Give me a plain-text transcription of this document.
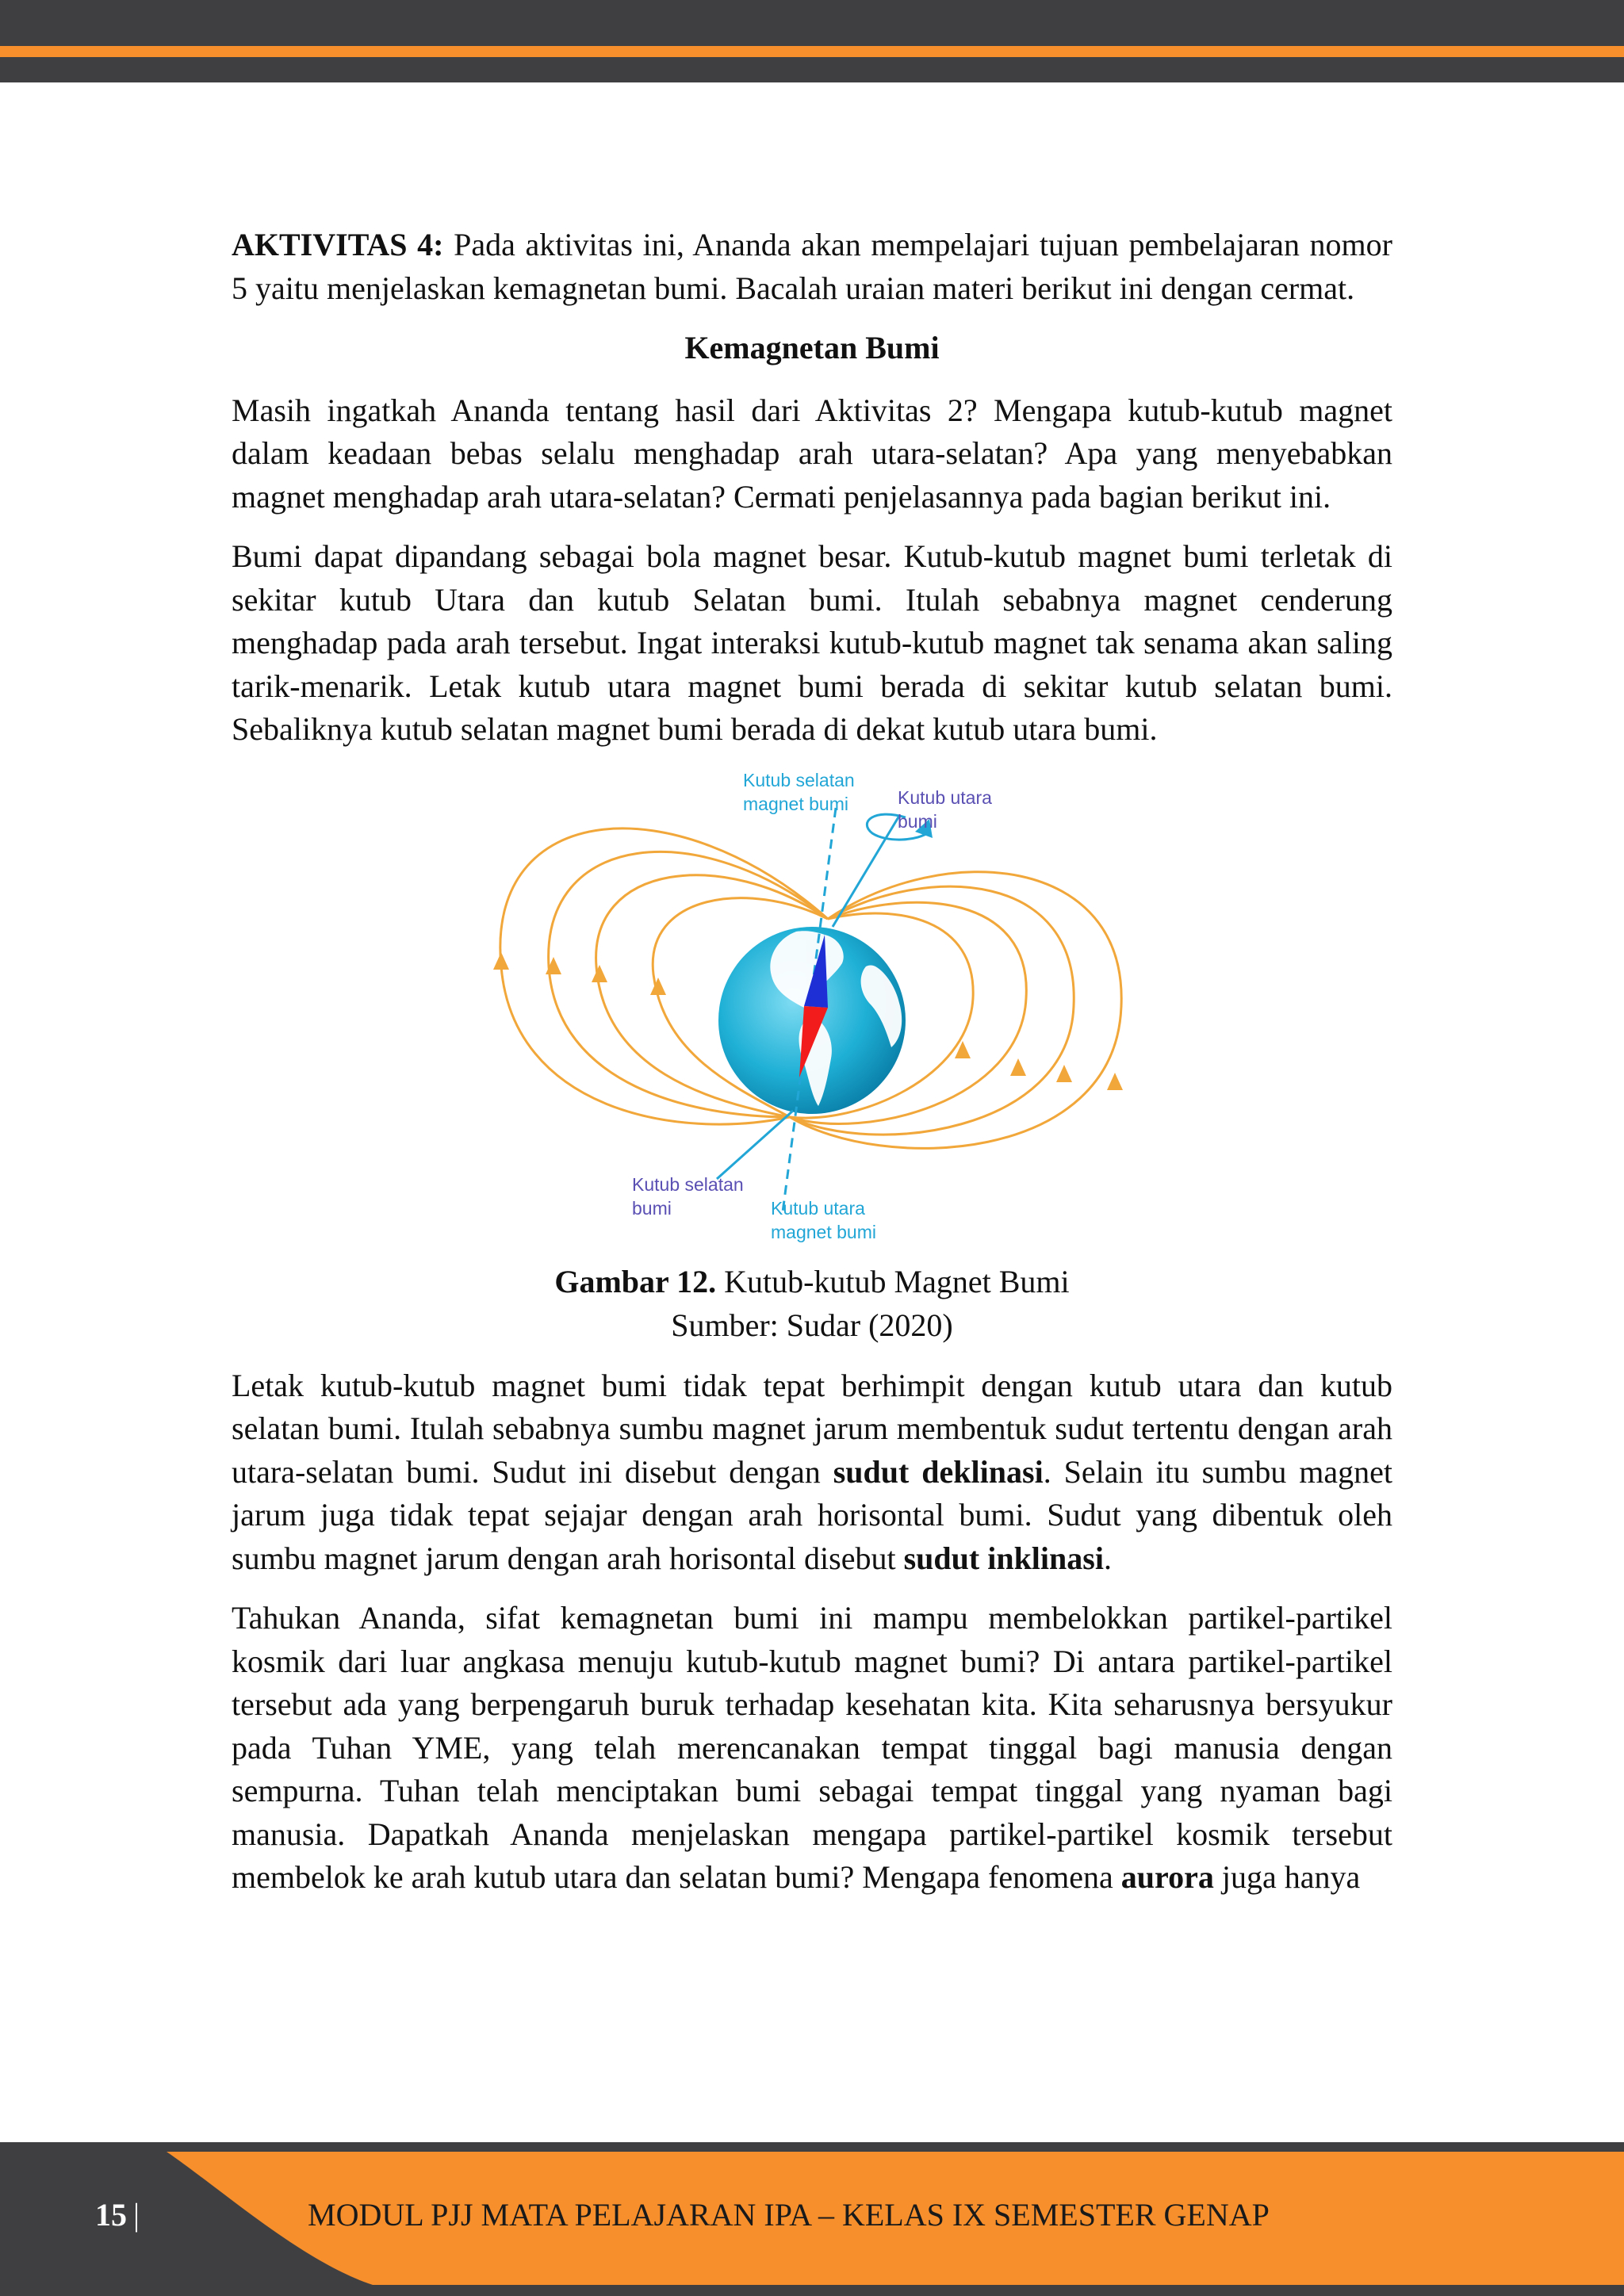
AKTIVITAS 4: Pada aktivitas ini, Ananda akan mempelajari tujuan pembelajaran nomor 5 yaitu menjelaskan kemagnetan bumi. Bacalah uraian materi berikut ini dengan cermat.

Kemagnetan Bumi

Masih ingatkah Ananda tentang hasil dari Aktivitas 2? Mengapa kutub-kutub magnet dalam keadaan bebas selalu menghadap arah utara-selatan? Apa yang menyebabkan magnet menghadap arah utara-selatan? Cermati penjelasannya pada bagian berikut ini.

Bumi dapat dipandang sebagai bola magnet besar. Kutub-kutub magnet bumi terletak di sekitar kutub Utara dan kutub Selatan bumi. Itulah sebabnya magnet cenderung menghadap pada arah tersebut. Ingat interaksi kutub-kutub magnet tak senama akan saling tarik-menarik. Letak kutub utara magnet bumi berada di sekitar kutub selatan bumi. Sebaliknya kutub selatan magnet bumi berada di dekat kutub utara bumi.

Kutub selatan
magnet bumi	Kutub utara
bumi
Kutub selatan
bumi	Kutub utara
magnet bumi
Gambar 12. Kutub-kutub Magnet Bumi
Sumber: Sudar (2020)

Letak kutub-kutub magnet bumi tidak tepat berhimpit dengan kutub utara dan kutub selatan bumi. Itulah sebabnya sumbu magnet jarum membentuk sudut tertentu dengan arah utara-selatan bumi. Sudut ini disebut dengan sudut deklinasi. Selain itu sumbu magnet jarum juga tidak tepat sejajar dengan arah horisontal bumi. Sudut yang dibentuk oleh sumbu magnet jarum dengan arah horisontal disebut sudut inklinasi.

Tahukan Ananda, sifat kemagnetan bumi ini mampu membelokkan partikel-partikel kosmik dari luar angkasa menuju kutub-kutub magnet bumi? Di antara partikel-partikel tersebut ada yang berpengaruh buruk terhadap kesehatan kita. Kita seharusnya bersyukur pada Tuhan YME, yang telah merencanakan tempat tinggal bagi manusia dengan sempurna. Tuhan telah menciptakan bumi sebagai tempat tinggal yang nyaman bagi manusia. Dapatkah Ananda menjelaskan mengapa partikel-partikel kosmik tersebut membelok ke arah kutub utara dan selatan bumi? Mengapa fenomena aurora juga hanya

15 |	MODUL PJJ MATA PELAJARAN IPA – KELAS IX SEMESTER GENAP
